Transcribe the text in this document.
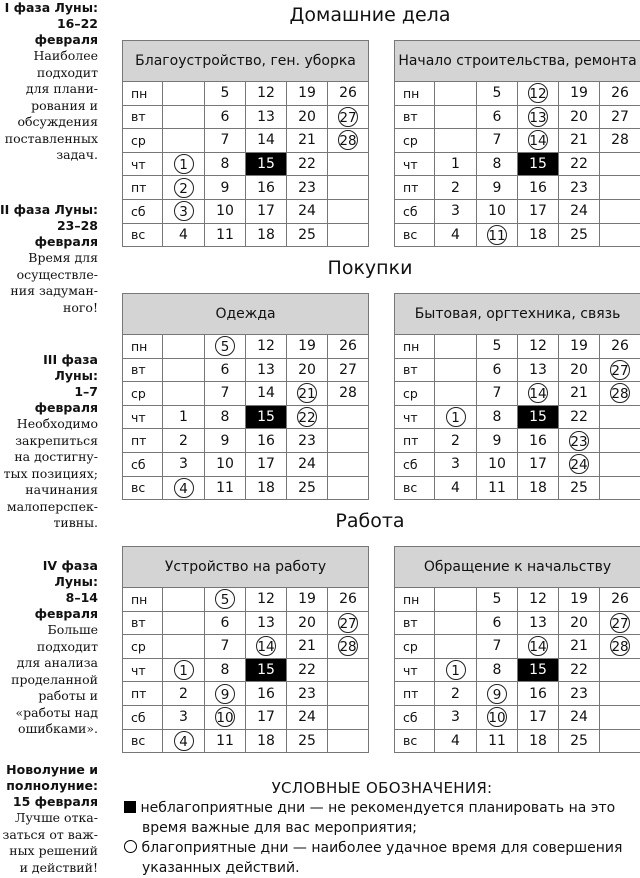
I фаза Луны:
16–22
февраля
Наиболее
подходит
для плани-
рования и
обсуждения
поставленных
задач.
II фаза Луны:
23–28
февраля
Время для
осуществле-
ния задуман-
ного!
III фаза Луны:
1–7
февраля
Необходимо
закрепиться
на достигну-
тых позициях;
начинания
малоперспек-
тивны.
IV фаза Луны:
8–14
февраля
Больше
подходит
для анализа
проделанной
работы и
«работы над
ошибками».
Новолуние и
полнолуние:
15 февраля
Лучше отка-
заться от важ-
ных решений
и действий!
Домашние дела
Покупки
Работа
Благоустройство, ген. уборка					
пн		5	12	19	26
вт		6	13	20	27
ср		7	14	21	28
чт	1	8	15	22	
пт	2	9	16	23	
сб	3	10	17	24	
вс	4	11	18	25	
Начало строительства, ремонта					
пн		5	12	19	26
вт		6	13	20	27
ср		7	14	21	28
чт	1	8	15	22	
пт	2	9	16	23	
сб	3	10	17	24	
вс	4	11	18	25	
Одежда					
пн		5	12	19	26
вт		6	13	20	27
ср		7	14	21	28
чт	1	8	15	22	
пт	2	9	16	23	
сб	3	10	17	24	
вс	4	11	18	25	
Бытовая, оргтехника, связь					
пн		5	12	19	26
вт		6	13	20	27
ср		7	14	21	28
чт	1	8	15	22	
пт	2	9	16	23	
сб	3	10	17	24	
вс	4	11	18	25	
Устройство на работу					
пн		5	12	19	26
вт		6	13	20	27
ср		7	14	21	28
чт	1	8	15	22	
пт	2	9	16	23	
сб	3	10	17	24	
вс	4	11	18	25	
Обращение к начальству					
пн		5	12	19	26
вт		6	13	20	27
ср		7	14	21	28
чт	1	8	15	22	
пт	2	9	16	23	
сб	3	10	17	24	
вс	4	11	18	25	
УСЛОВНЫЕ ОБОЗНАЧЕНИЯ:
неблагоприятные дни — не рекомендуется планировать на это
время важные для вас мероприятия;
благоприятные дни — наиболее удачное время для совершения
указанных действий.
